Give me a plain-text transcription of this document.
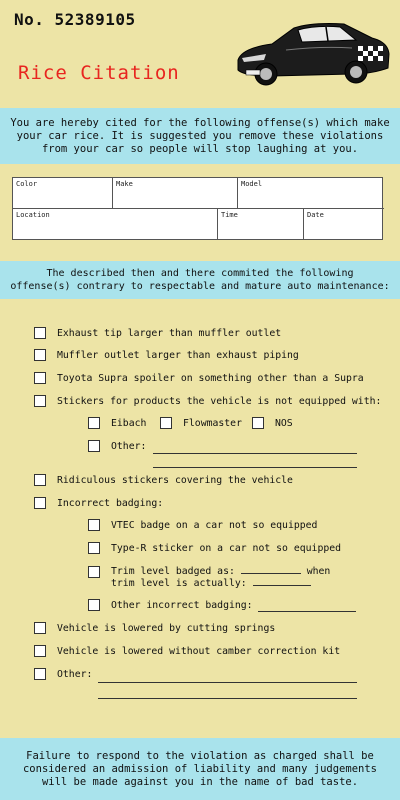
No. 52389105
Rice Citation
You are hereby cited for the following offense(s) which make
your car rice. It is suggested you remove these violations
from your car so people will stop laughing at you.
Color	Make	Model
Location	Time	Date
The described then and there commited the following
offense(s) contrary to respectable and mature auto maintenance:
Exhaust tip larger than muffler outlet
Muffler outlet larger than exhaust piping
Toyota Supra spoiler on something other than a Supra
Stickers for products the vehicle is not equipped with:
Eibach	Flowmaster	NOS
Other:
Ridiculous stickers covering the vehicle
Incorrect badging:
VTEC badge on a car not so equipped
Type-R sticker on a car not so equipped
Trim level badged as:	when
trim level is actually:
Other incorrect badging:
Vehicle is lowered by cutting springs
Vehicle is lowered without camber correction kit
Other:
Failure to respond to the violation as charged shall be
considered an admission of liability and many judgements
will be made against you in the name of bad taste.
